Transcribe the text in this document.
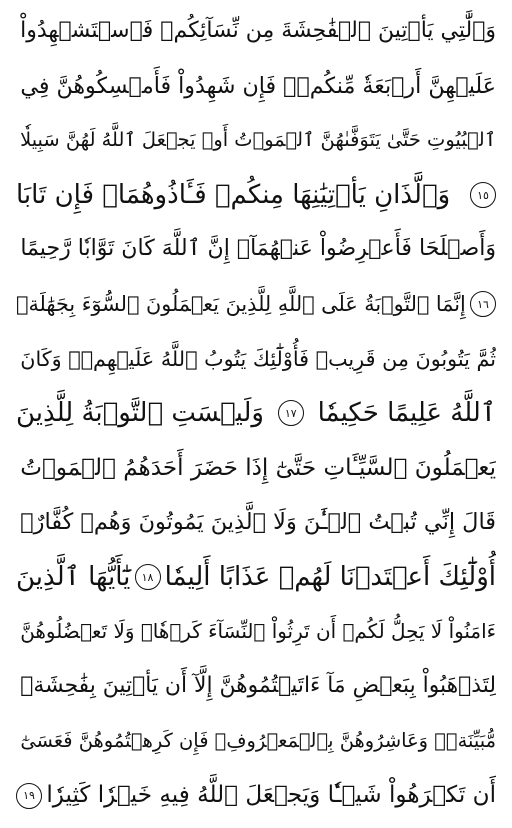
وَٱلَّٰتِي يَأۡتِينَ ٱلۡفَٰحِشَةَ مِن نِّسَآئِكُمۡ فَٱسۡتَشۡهِدُواْ
عَلَيۡهِنَّ أَرۡبَعَةٗ مِّنكُمۡۖ فَإِن شَهِدُواْ فَأَمۡسِكُوهُنَّ فِي
ٱلۡبُيُوتِ حَتَّىٰ يَتَوَفَّىٰهُنَّ ٱلۡمَوۡتُ أَوۡ يَجۡعَلَ ٱللَّهُ لَهُنَّ سَبِيلٗا
١٥
وَٱلَّذَانِ يَأۡتِيَٰنِهَا مِنكُمۡ فَـَٔاذُوهُمَاۖ فَإِن تَابَا
وَأَصۡلَحَا فَأَعۡرِضُواْ عَنۡهُمَآۗ إِنَّ ٱللَّهَ كَانَ تَوَّابٗا رَّحِيمًا
١٦
إِنَّمَا ٱلتَّوۡبَةُ عَلَى ٱللَّهِ لِلَّذِينَ يَعۡمَلُونَ ٱلسُّوٓءَ بِجَهَٰلَةٖ
ثُمَّ يَتُوبُونَ مِن قَرِيبٖ فَأُوْلَٰٓئِكَ يَتُوبُ ٱللَّهُ عَلَيۡهِمۡۗ وَكَانَ
ٱللَّهُ عَلِيمًا حَكِيمٗا
١٧
وَلَيۡسَتِ ٱلتَّوۡبَةُ لِلَّذِينَ
يَعۡمَلُونَ ٱلسَّيِّـَٔاتِ حَتَّىٰٓ إِذَا حَضَرَ أَحَدَهُمُ ٱلۡمَوۡتُ
قَالَ إِنِّي تُبۡتُ ٱلۡـَٰٔنَ وَلَا ٱلَّذِينَ يَمُوتُونَ وَهُمۡ كُفَّارٌۚ
أُوْلَٰٓئِكَ أَعۡتَدۡنَا لَهُمۡ عَذَابًا أَلِيمٗا
١٨
يَٰٓأَيُّهَا ٱلَّذِينَ
ءَامَنُواْ لَا يَحِلُّ لَكُمۡ أَن تَرِثُواْ ٱلنِّسَآءَ كَرۡهٗاۖ وَلَا تَعۡضُلُوهُنَّ
لِتَذۡهَبُواْ بِبَعۡضِ مَآ ءَاتَيۡتُمُوهُنَّ إِلَّآ أَن يَأۡتِينَ بِفَٰحِشَةٖ
مُّبَيِّنَةٖۚ وَعَاشِرُوهُنَّ بِٱلۡمَعۡرُوفِۚ فَإِن كَرِهۡتُمُوهُنَّ فَعَسَىٰٓ
أَن تَكۡرَهُواْ شَيۡـٔٗا وَيَجۡعَلَ ٱللَّهُ فِيهِ خَيۡرٗا كَثِيرٗا
١٩
